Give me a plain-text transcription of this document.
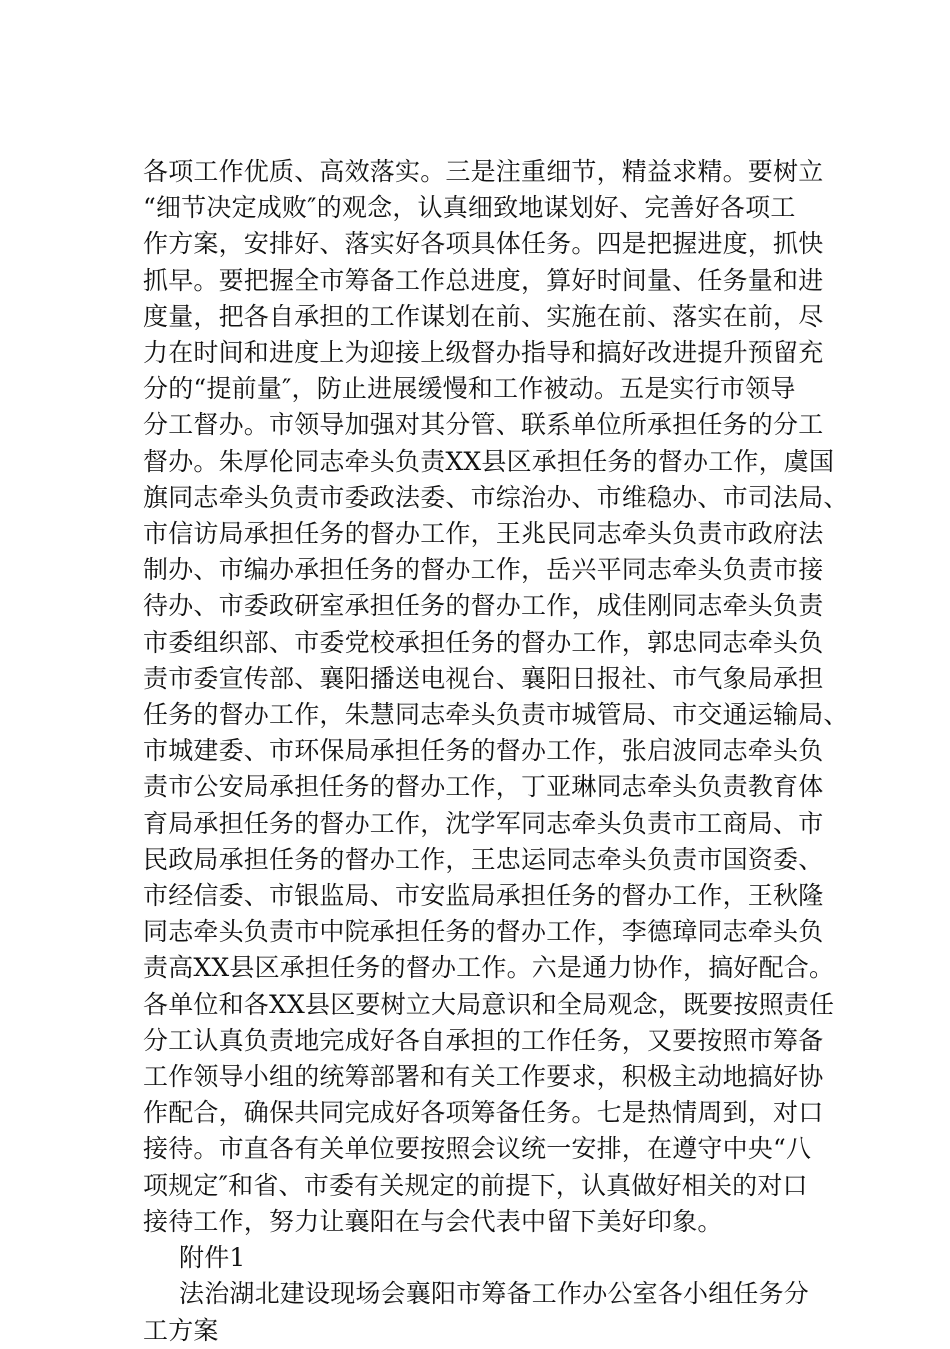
各项工作优质、高效落实。三是注重细节，精益求精。要树立
“细节决定成败″的观念，认真细致地谋划好、完善好各项工
作方案，安排好、落实好各项具体任务。四是把握进度，抓快
抓早。要把握全市筹备工作总进度，算好时间量、任务量和进
度量，把各自承担的工作谋划在前、实施在前、落实在前，尽
力在时间和进度上为迎接上级督办指导和搞好改进提升预留充
分的“提前量″，防止进展缓慢和工作被动。五是实行市领导
分工督办。市领导加强对其分管、联系单位所承担任务的分工
督办。朱厚伦同志牵头负责XX县区承担任务的督办工作，虞国
旗同志牵头负责市委政法委、市综治办、市维稳办、市司法局、
市信访局承担任务的督办工作，王兆民同志牵头负责市政府法
制办、市编办承担任务的督办工作，岳兴平同志牵头负责市接
待办、市委政研室承担任务的督办工作，成佳刚同志牵头负责
市委组织部、市委党校承担任务的督办工作，郭忠同志牵头负
责市委宣传部、襄阳播送电视台、襄阳日报社、市气象局承担
任务的督办工作，朱慧同志牵头负责市城管局、市交通运输局、
市城建委、市环保局承担任务的督办工作，张启波同志牵头负
责市公安局承担任务的督办工作，丁亚琳同志牵头负责教育体
育局承担任务的督办工作，沈学军同志牵头负责市工商局、市
民政局承担任务的督办工作，王忠运同志牵头负责市国资委、
市经信委、市银监局、市安监局承担任务的督办工作，王秋隆
同志牵头负责市中院承担任务的督办工作，李德璋同志牵头负
责高XX县区承担任务的督办工作。六是通力协作，搞好配合。
各单位和各XX县区要树立大局意识和全局观念，既要按照责任
分工认真负责地完成好各自承担的工作任务，又要按照市筹备
工作领导小组的统筹部署和有关工作要求，积极主动地搞好协
作配合，确保共同完成好各项筹备任务。七是热情周到，对口
接待。市直各有关单位要按照会议统一安排，在遵守中央“八
项规定″和省、市委有关规定的前提下，认真做好相关的对口
接待工作，努力让襄阳在与会代表中留下美好印象。
附件1
法治湖北建设现场会襄阳市筹备工作办公室各小组任务分
工方案
